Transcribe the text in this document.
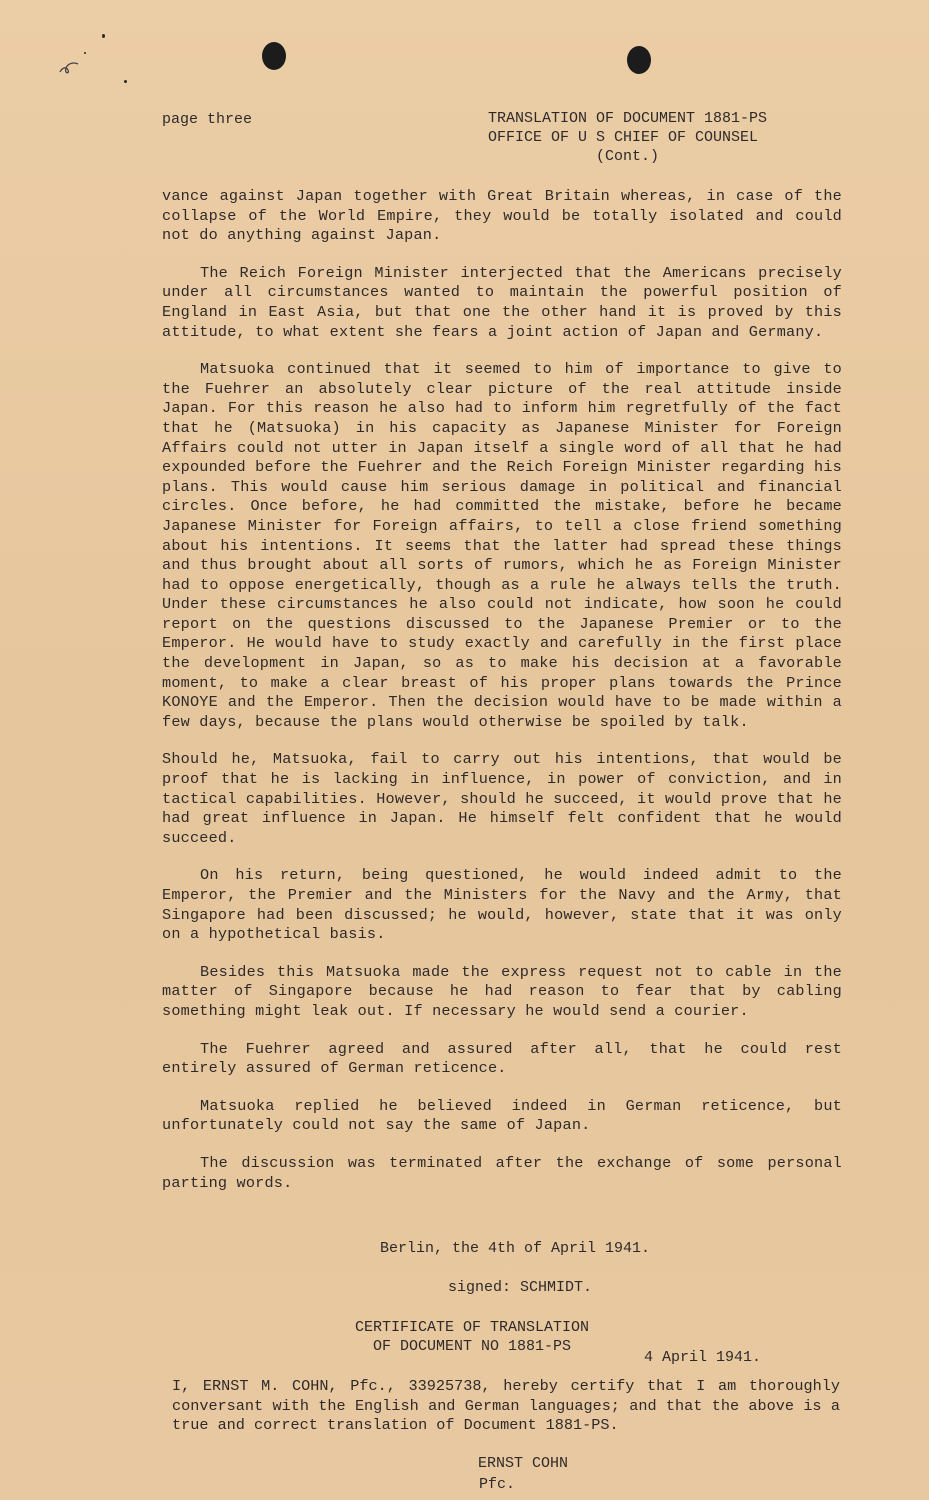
page three	TRANSLATION OF DOCUMENT 1881-PS
OFFICE OF U S CHIEF OF COUNSEL
(Cont.)

vance against Japan together with Great Britain whereas, in case of the collapse of the World Empire, they would be totally isolated and could not do anything against Japan.

The Reich Foreign Minister interjected that the Americans precisely under all circumstances wanted to maintain the powerful position of England in East Asia, but that one the other hand it is proved by this attitude, to what extent she fears a joint action of Japan and Germany.

Matsuoka continued that it seemed to him of importance to give to the Fuehrer an absolutely clear picture of the real attitude inside Japan. For this reason he also had to inform him regretfully of the fact that he (Matsuoka) in his capacity as Japanese Minister for Foreign Affairs could not utter in Japan itself a single word of all that he had expounded before the Fuehrer and the Reich Foreign Minister regarding his plans. This would cause him serious damage in political and financial circles. Once before, he had committed the mistake, before he became Japanese Minister for Foreign affairs, to tell a close friend something about his intentions. It seems that the latter had spread these things and thus brought about all sorts of rumors, which he as Foreign Minister had to oppose energetically, though as a rule he always tells the truth. Under these circumstances he also could not indicate, how soon he could report on the questions discussed to the Japanese Premier or to the Emperor. He would have to study exactly and carefully in the first place the development in Japan, so as to make his decision at a favorable moment, to make a clear breast of his proper plans towards the Prince KONOYE and the Emperor. Then the decision would have to be made within a few days, because the plans would otherwise be spoiled by talk.

Should he, Matsuoka, fail to carry out his intentions, that would be proof that he is lacking in influence, in power of conviction, and in tactical capabilities. However, should he succeed, it would prove that he had great influence in Japan. He himself felt confident that he would succeed.

On his return, being questioned, he would indeed admit to the Emperor, the Premier and the Ministers for the Navy and the Army, that Singapore had been discussed; he would, however, state that it was only on a hypothetical basis.

Besides this Matsuoka made the express request not to cable in the matter of Singapore because he had reason to fear that by cabling something might leak out. If necessary he would send a courier.

The Fuehrer agreed and assured after all, that he could rest entirely assured of German reticence.

Matsuoka replied he believed indeed in German reticence, but unfortunately could not say the same of Japan.

The discussion was terminated after the exchange of some personal parting words.

Berlin, the 4th of April 1941.
signed: SCHMIDT.
CERTIFICATE OF TRANSLATION
OF DOCUMENT NO 1881-PS
4 April 1941.
I, ERNST M. COHN, Pfc., 33925738, hereby certify that I am thoroughly conversant with the English and German languages; and that the above is a true and correct translation of Document 1881-PS.
ERNST COHN
Pfc.
